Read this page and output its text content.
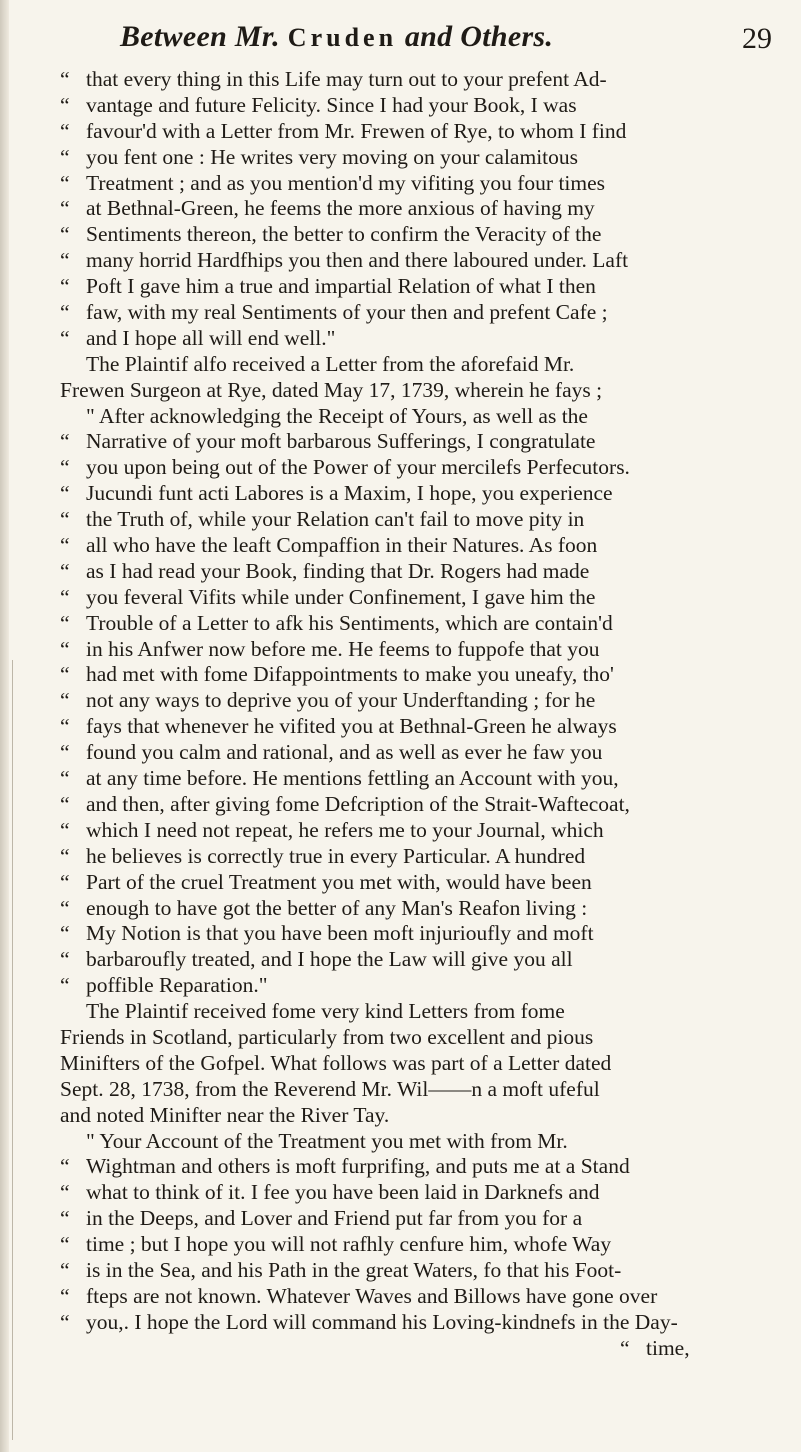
Between Mr. Cruden and Others.	29
“ that every thing in this Life may turn out to your prefent Ad-
“ vantage and future Felicity. Since I had your Book, I was
“ favour'd with a Letter from Mr. Frewen of Rye, to whom I find
“ you fent one : He writes very moving on your calamitous
“ Treatment ; and as you mention'd my vifiting you four times
“ at Bethnal-Green, he feems the more anxious of having my
“ Sentiments thereon, the better to confirm the Veracity of the
“ many horrid Hardfhips you then and there laboured under. Laft
“ Poft I gave him a true and impartial Relation of what I then
“ faw, with my real Sentiments of your then and prefent Cafe ;
“ and I hope all will end well."
The Plaintif alfo received a Letter from the aforefaid Mr.
Frewen Surgeon at Rye, dated May 17, 1739, wherein he fays ;
" After acknowledging the Receipt of Yours, as well as the
“ Narrative of your moft barbarous Sufferings, I congratulate
“ you upon being out of the Power of your mercilefs Perfecutors.
“ Jucundi funt acti Labores is a Maxim, I hope, you experience
“ the Truth of, while your Relation can't fail to move pity in
“ all who have the leaft Compaffion in their Natures. As foon
“ as I had read your Book, finding that Dr. Rogers had made
“ you feveral Vifits while under Confinement, I gave him the
“ Trouble of a Letter to afk his Sentiments, which are contain'd
“ in his Anfwer now before me. He feems to fuppofe that you
“ had met with fome Difappointments to make you uneafy, tho'
“ not any ways to deprive you of your Underftanding ; for he
“ fays that whenever he vifited you at Bethnal-Green he always
“ found you calm and rational, and as well as ever he faw you
“ at any time before. He mentions fettling an Account with you,
“ and then, after giving fome Defcription of the Strait-Waftecoat,
“ which I need not repeat, he refers me to your Journal, which
“ he believes is correctly true in every Particular. A hundred
“ Part of the cruel Treatment you met with, would have been
“ enough to have got the better of any Man's Reafon living :
“ My Notion is that you have been moft injurioufly and moft
“ barbaroufly treated, and I hope the Law will give you all
“ poffible Reparation."
The Plaintif received fome very kind Letters from fome
Friends in Scotland, particularly from two excellent and pious
Minifters of the Gofpel. What follows was part of a Letter dated
Sept. 28, 1738, from the Reverend Mr. Wil——n a moft ufeful
and noted Minifter near the River Tay.
" Your Account of the Treatment you met with from Mr.
“ Wightman and others is moft furprifing, and puts me at a Stand
“ what to think of it. I fee you have been laid in Darknefs and
“ in the Deeps, and Lover and Friend put far from you for a
“ time ; but I hope you will not rafhly cenfure him, whofe Way
“ is in the Sea, and his Path in the great Waters, fo that his Foot-
“ fteps are not known. Whatever Waves and Billows have gone over
“ you,. I hope the Lord will command his Loving-kindnefs in the Day-
“ time,
